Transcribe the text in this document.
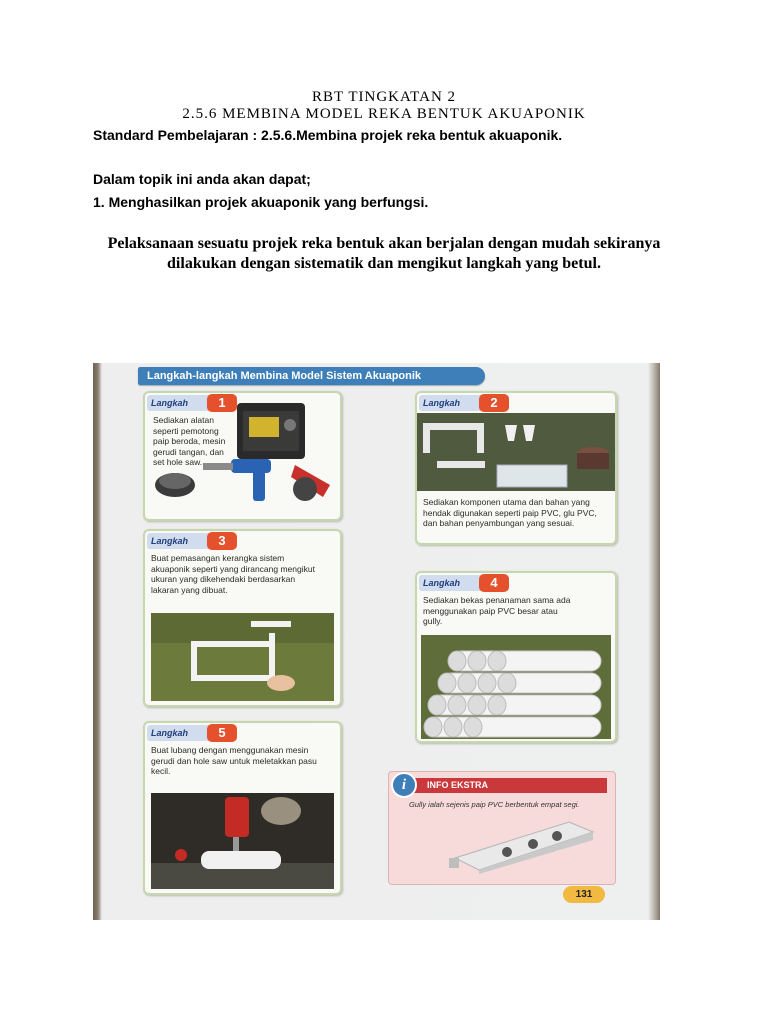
RBT TINGKATAN 2
2.5.6 MEMBINA MODEL REKA BENTUK AKUAPONIK
Standard Pembelajaran : 2.5.6.Membina projek reka bentuk akuaponik.
Dalam topik ini anda akan dapat;
1. Menghasilkan projek akuaponik yang berfungsi.
Pelaksanaan sesuatu projek reka bentuk akan berjalan dengan mudah sekiranya dilakukan dengan sistematik dan mengikut langkah yang betul.
Langkah-langkah Membina Model Sistem Akuaponik
Langkah	1
Sediakan alatan seperti pemotong paip beroda, mesin gerudi tangan, dan set hole saw.
Langkah	2
Sediakan komponen utama dan bahan yang hendak digunakan seperti paip PVC, glu PVC, dan bahan penyambungan yang sesuai.
Langkah	3
Buat pemasangan kerangka sistem akuaponik seperti yang dirancang mengikut ukuran yang dikehendaki berdasarkan lakaran yang dibuat.
Langkah	4
Sediakan bekas penanaman sama ada menggunakan paip PVC besar atau gully.
Langkah	5
Buat lubang dengan menggunakan mesin gerudi dan hole saw untuk meletakkan pasu kecil.
INFO EKSTRA
i
Gully ialah sejenis paip PVC berbentuk empat segi.
131
